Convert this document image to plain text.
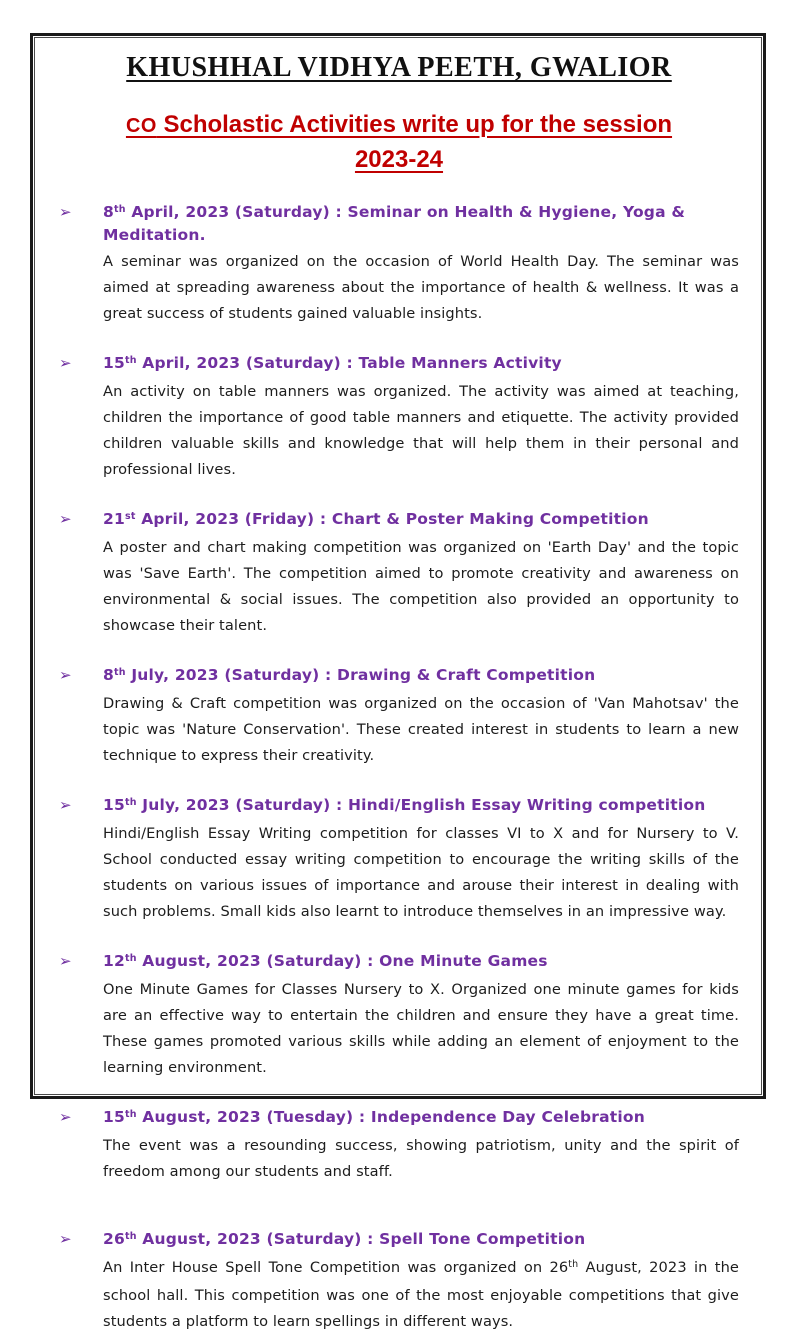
KHUSHHAL VIDHYA PEETH, GWALIOR
CO Scholastic Activities write up for the session
2023-24
➢	8th April, 2023 (Saturday) : Seminar on Health & Hygiene, Yoga & Meditation.

A seminar was organized on the occasion of World Health Day. The seminar was aimed at spreading awareness about the importance of health & wellness. It was a great success of students gained valuable insights.

➢	15th April, 2023 (Saturday) : Table Manners Activity

An activity on table manners was organized. The activity was aimed at teaching, children the importance of good table manners and etiquette. The activity provided children valuable skills and knowledge that will help them in their personal and professional lives.

➢	21st April, 2023 (Friday) : Chart & Poster Making Competition

A poster and chart making competition was organized on 'Earth Day' and the topic was 'Save Earth'. The competition aimed to promote creativity and awareness on environmental & social issues. The competition also provided an opportunity to showcase their talent.

➢	8th July, 2023 (Saturday) : Drawing & Craft Competition

Drawing & Craft competition was organized on the occasion of 'Van Mahotsav' the topic was 'Nature Conservation'. These created interest in students to learn a new technique to express their creativity.

➢	15th July, 2023 (Saturday) : Hindi/English Essay Writing competition

Hindi/English Essay Writing competition for classes VI to X and for Nursery to V. School conducted essay writing competition to encourage the writing skills of the students on various issues of importance and arouse their interest in dealing with such problems. Small kids also learnt to introduce themselves in an impressive way.

➢	12th August, 2023 (Saturday) : One Minute Games

One Minute Games for Classes Nursery to X. Organized one minute games for kids are an effective way to entertain the children and ensure they have a great time. These games promoted various skills while adding an element of enjoyment to the learning environment.

➢	15th August, 2023 (Tuesday) : Independence Day Celebration

The event was a resounding success, showing patriotism, unity and the spirit of freedom among our students and staff.

➢	26th August, 2023 (Saturday) : Spell Tone Competition

An Inter House Spell Tone Competition was organized on 26th August, 2023 in the school hall. This competition was one of the most enjoyable competitions that give students a platform to learn spellings in different ways.
